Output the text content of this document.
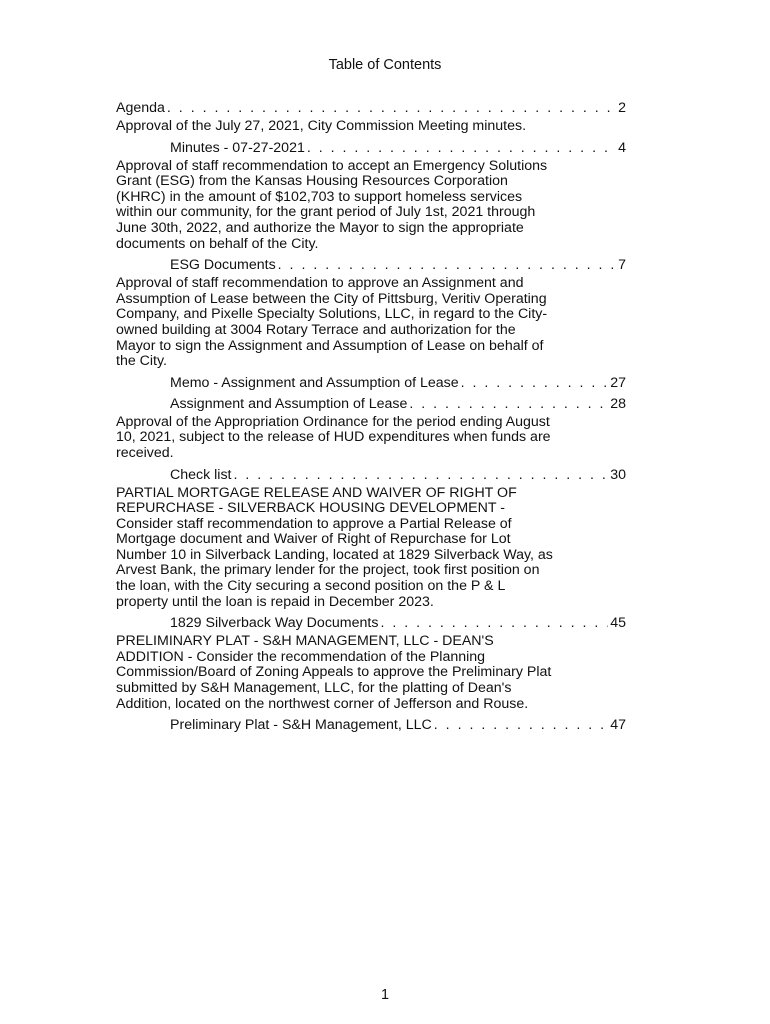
Table of Contents
Agenda . . .	2
Approval of the July 27, 2021, City Commission Meeting minutes.
Minutes - 07-27-2021 . . .	4
Approval of staff recommendation to accept an Emergency Solutions Grant (ESG) from the Kansas Housing Resources Corporation (KHRC) in the amount of $102,703 to support homeless services within our community, for the grant period of July 1st, 2021 through June 30th, 2022, and authorize the Mayor to sign the appropriate documents on behalf of the City.
ESG Documents . . .	7
Approval of staff recommendation to approve an Assignment and Assumption of Lease between the City of Pittsburg, Veritiv Operating Company, and Pixelle Specialty Solutions, LLC, in regard to the City-owned building at 3004 Rotary Terrace and authorization for the Mayor to sign the Assignment and Assumption of Lease on behalf of the City.
Memo - Assignment and Assumption of Lease . . .	27
Assignment and Assumption of Lease . . .	28
Approval of the Appropriation Ordinance for the period ending August 10, 2021, subject to the release of HUD expenditures when funds are received.
Check list . . .	30
PARTIAL MORTGAGE RELEASE AND WAIVER OF RIGHT OF REPURCHASE - SILVERBACK HOUSING DEVELOPMENT - Consider staff recommendation to approve a Partial Release of Mortgage document and Waiver of Right of Repurchase for Lot Number 10 in Silverback Landing, located at 1829 Silverback Way, as Arvest Bank, the primary lender for the project, took first position on the loan, with the City securing a second position on the P & L property until the loan is repaid in December 2023.
1829 Silverback Way Documents . . .	45
PRELIMINARY PLAT - S&H MANAGEMENT, LLC - DEAN'S ADDITION - Consider the recommendation of the Planning Commission/Board of Zoning Appeals to approve the Preliminary Plat submitted by S&H Management, LLC, for the platting of Dean's Addition, located on the northwest corner of Jefferson and Rouse.
Preliminary Plat - S&H Management, LLC . . .	47
1
